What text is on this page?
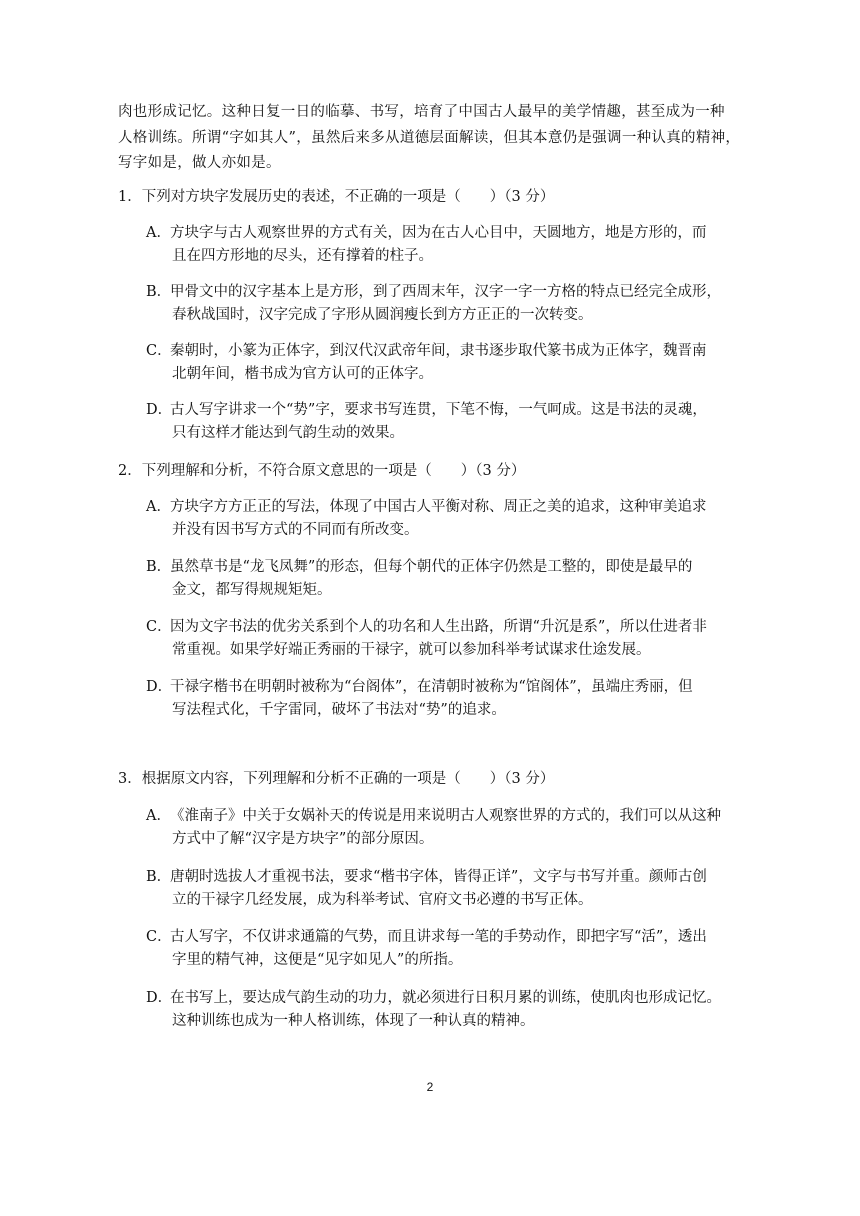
肉也形成记忆。这种日复一日的临摹、书写，培育了中国古人最早的美学情趣，甚至成为一种
人格训练。所谓“字如其人”，虽然后来多从道德层面解读，但其本意仍是强调一种认真的精神，
写字如是，做人亦如是。
1．下列对方块字发展历史的表述，不正确的一项是（　　）（3 分）
A．方块字与古人观察世界的方式有关，因为在古人心目中，天圆地方，地是方形的，而
且在四方形地的尽头，还有撑着的柱子。
B．甲骨文中的汉字基本上是方形，到了西周末年，汉字一字一方格的特点已经完全成形，
春秋战国时，汉字完成了字形从圆润瘦长到方方正正的一次转变。
C．秦朝时，小篆为正体字，到汉代汉武帝年间，隶书逐步取代篆书成为正体字，魏晋南
北朝年间，楷书成为官方认可的正体字。
D．古人写字讲求一个“势”字，要求书写连贯，下笔不悔，一气呵成。这是书法的灵魂，
只有这样才能达到气韵生动的效果。
2．下列理解和分析，不符合原文意思的一项是（　　）（3 分）
A．方块字方方正正的写法，体现了中国古人平衡对称、周正之美的追求，这种审美追求
并没有因书写方式的不同而有所改变。
B．虽然草书是“龙飞凤舞”的形态，但每个朝代的正体字仍然是工整的，即使是最早的
金文，都写得规规矩矩。
C．因为文字书法的优劣关系到个人的功名和人生出路，所谓“升沉是系”，所以仕进者非
常重视。如果学好端正秀丽的干禄字，就可以参加科举考试谋求仕途发展。
D．干禄字楷书在明朝时被称为“台阁体”，在清朝时被称为“馆阁体”，虽端庄秀丽，但
写法程式化，千字雷同，破坏了书法对“势”的追求。
3．根据原文内容，下列理解和分析不正确的一项是（　　）（3 分）
A．《淮南子》中关于女娲补天的传说是用来说明古人观察世界的方式的，我们可以从这种
方式中了解“汉字是方块字”的部分原因。
B．唐朝时选拔人才重视书法，要求“楷书字体，皆得正详”，文字与书写并重。颜师古创
立的干禄字几经发展，成为科举考试、官府文书必遵的书写正体。
C．古人写字，不仅讲求通篇的气势，而且讲求每一笔的手势动作，即把字写“活”，透出
字里的精气神，这便是“见字如见人”的所指。
D．在书写上，要达成气韵生动的功力，就必须进行日积月累的训练，使肌肉也形成记忆。
这种训练也成为一种人格训练，体现了一种认真的精神。
2
